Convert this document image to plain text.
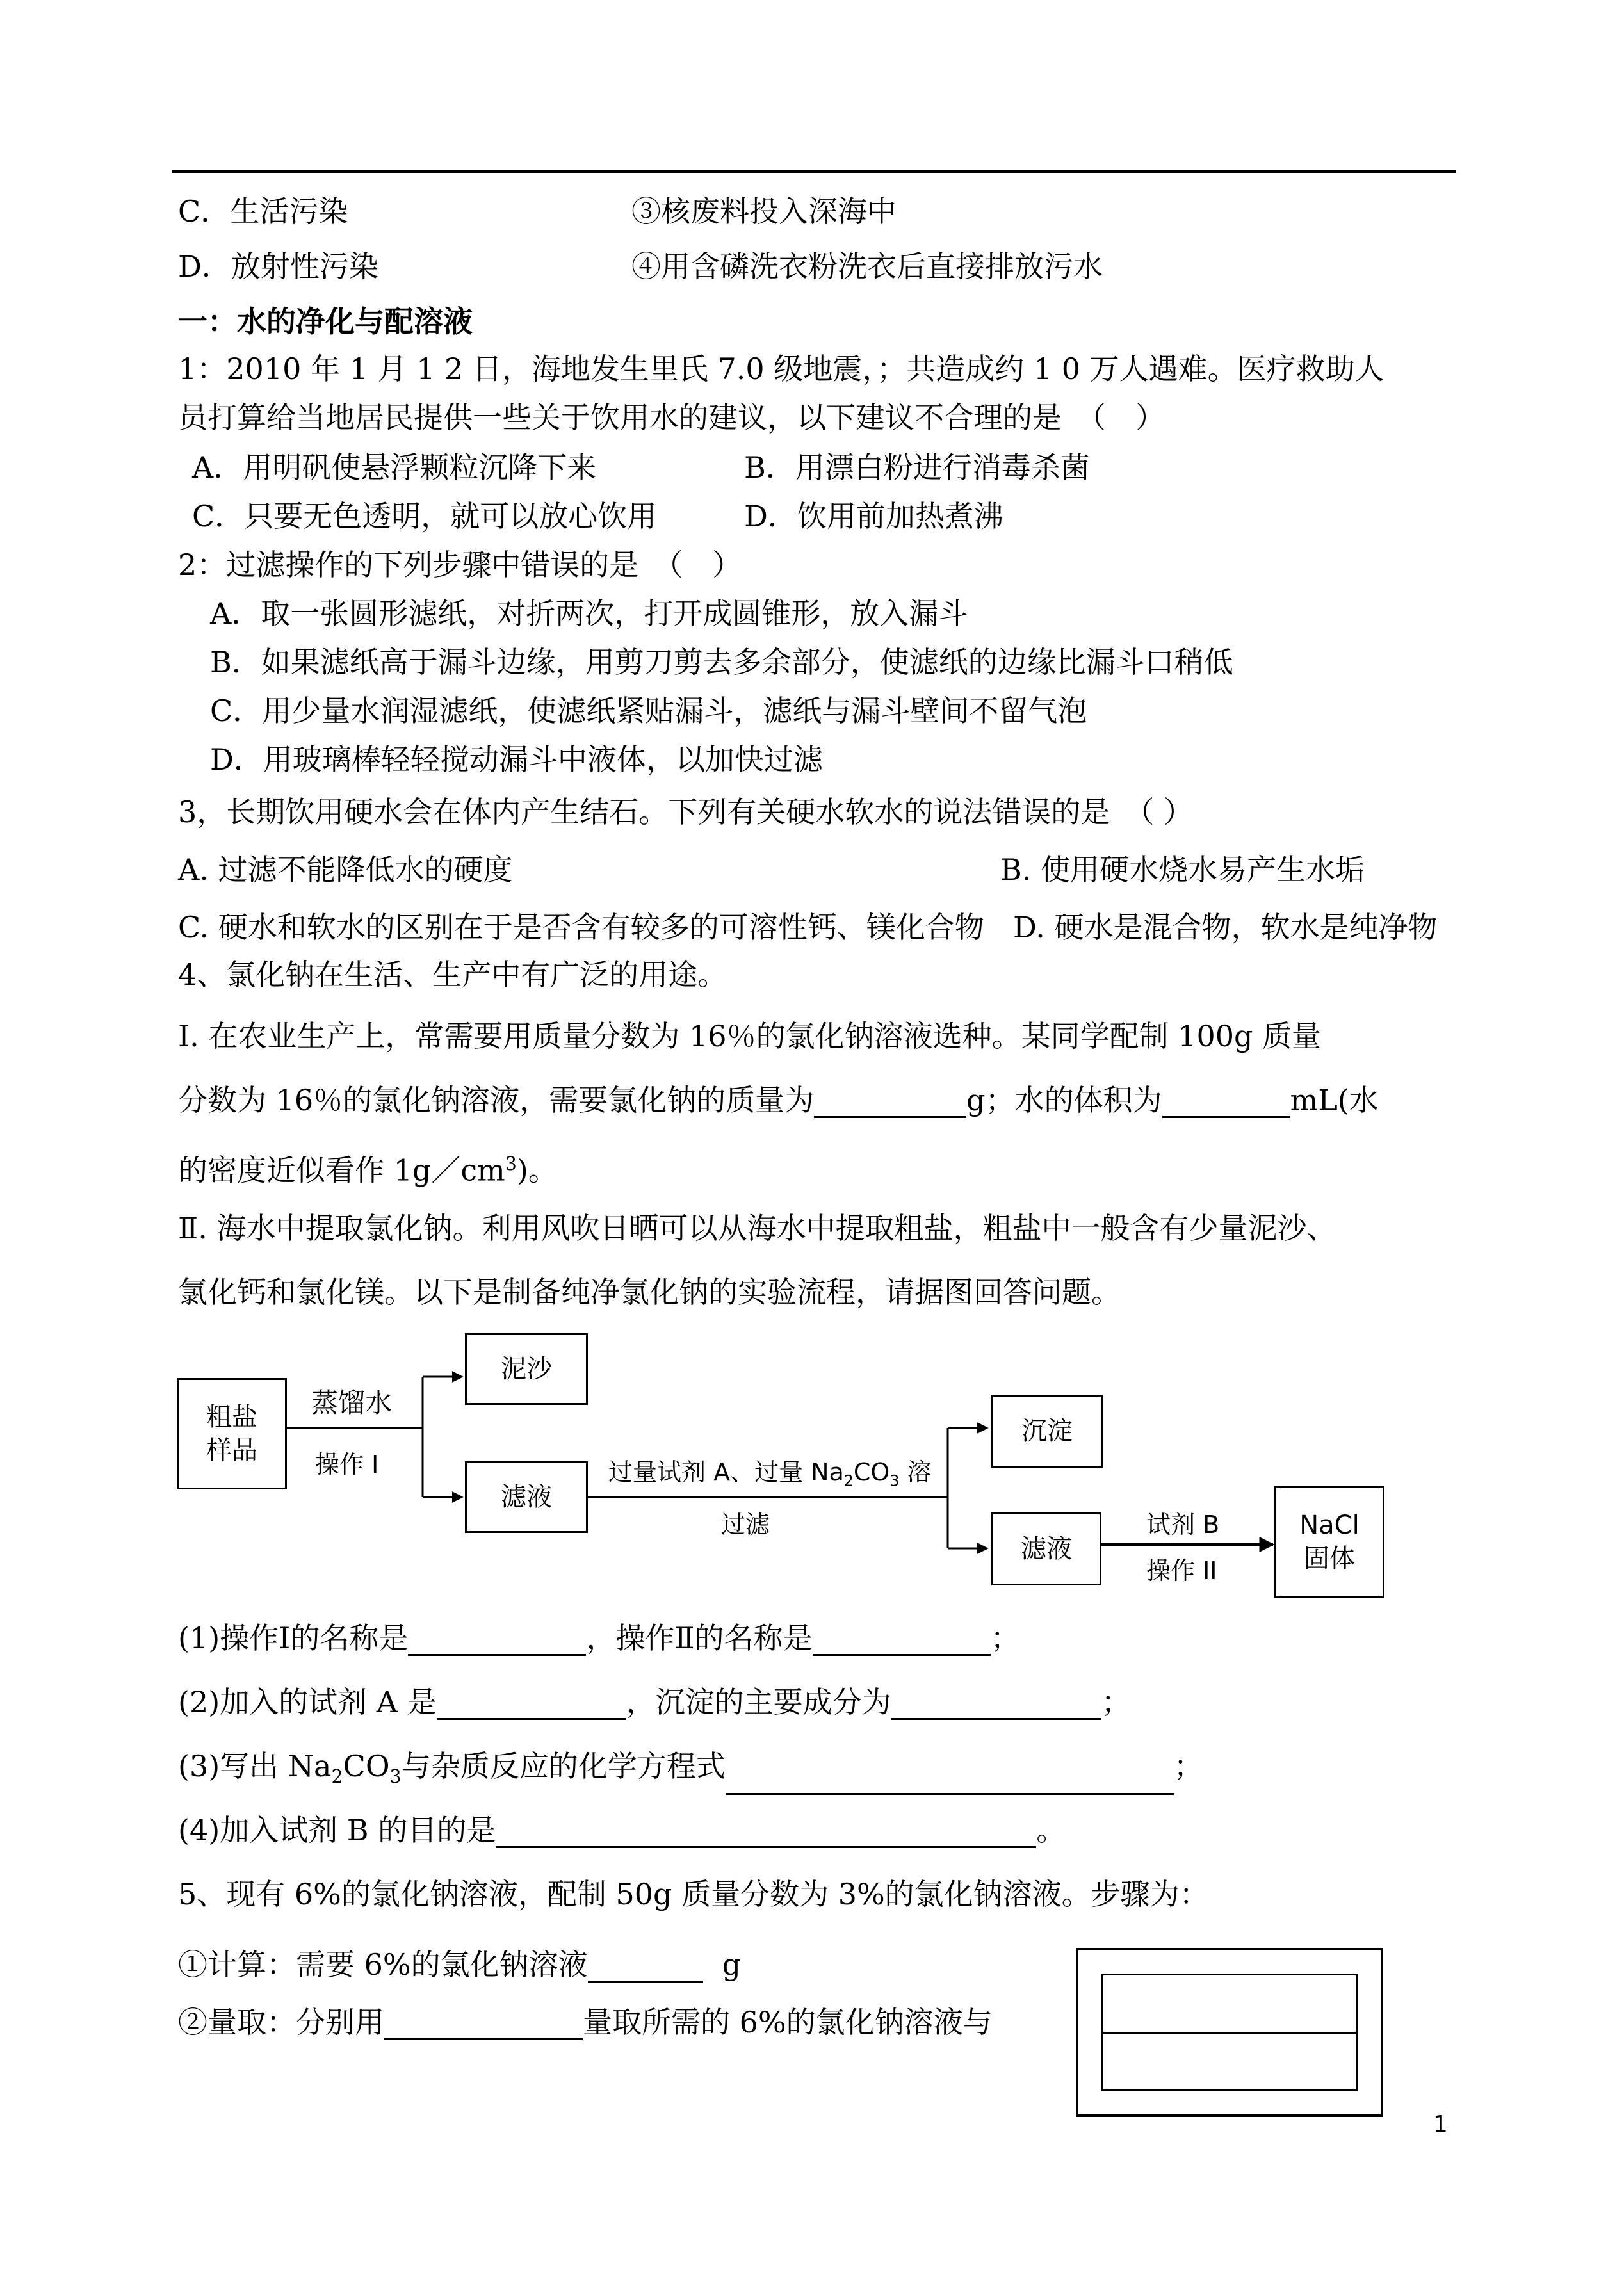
C．生活污染	③核废料投入深海中
D．放射性污染	④用含磷洗衣粉洗衣后直接排放污水
一：水的净化与配溶液
1：2010 年 1 月 1 2 日，海地发生里氏 7.0 级地震，；共造成约 1 0 万人遇难。医疗救助人
员打算给当地居民提供一些关于饮用水的建议，以下建议不合理的是　（　）
A．用明矾使悬浮颗粒沉降下来	B．用漂白粉进行消毒杀菌
C．只要无色透明，就可以放心饮用	D．饮用前加热煮沸
2：过滤操作的下列步骤中错误的是　（　）
A．取一张圆形滤纸，对折两次，打开成圆锥形，放入漏斗
B．如果滤纸高于漏斗边缘，用剪刀剪去多余部分，使滤纸的边缘比漏斗口稍低
C．用少量水润湿滤纸，使滤纸紧贴漏斗，滤纸与漏斗壁间不留气泡
D．用玻璃棒轻轻搅动漏斗中液体，以加快过滤
3，长期饮用硬水会在体内产生结石。下列有关硬水软水的说法错误的是　（ ）
A. 过滤不能降低水的硬度	B. 使用硬水烧水易产生水垢
C. 硬水和软水的区别在于是否含有较多的可溶性钙、镁化合物 D. 硬水是混合物，软水是纯净物
4、氯化钠在生活、生产中有广泛的用途。
Ⅰ. 在农业生产上，常需要用质量分数为 16％的氯化钠溶液选种。某同学配制 100g 质量
分数为 16％的氯化钠溶液，需要氯化钠的质量为	g；水的体积为	mL(水
的密度近似看作 $1g/cm^3$)。
Ⅱ. 海水中提取氯化钠。利用风吹日晒可以从海水中提取粗盐，粗盐中一般含有少量泥沙、
氯化钙和氯化镁。以下是制备纯净氯化钠的实验流程，请据图回答问题。
粗盐
样品
蒸馏水
操作 I
泥沙
滤液
过量试剂 A、过量 $Na_2CO_3$ 溶
过滤
沉淀
滤液
试剂 B
操作 II
NaCl
固体
(1)操作Ⅰ的名称是	，操作Ⅱ的名称是	；
(2)加入的试剂 A 是	，沉淀的主要成分为	；
(3)写出 $Na_2CO_3$与杂质反应的化学方程式	；
(4)加入试剂 B 的目的是	。
5、现有 6%的氯化钠溶液，配制 50g 质量分数为 3%的氯化钠溶液。步骤为：
①计算：需要 6%的氯化钠溶液	g
②量取：分别用	量取所需的 6%的氯化钠溶液与
1
